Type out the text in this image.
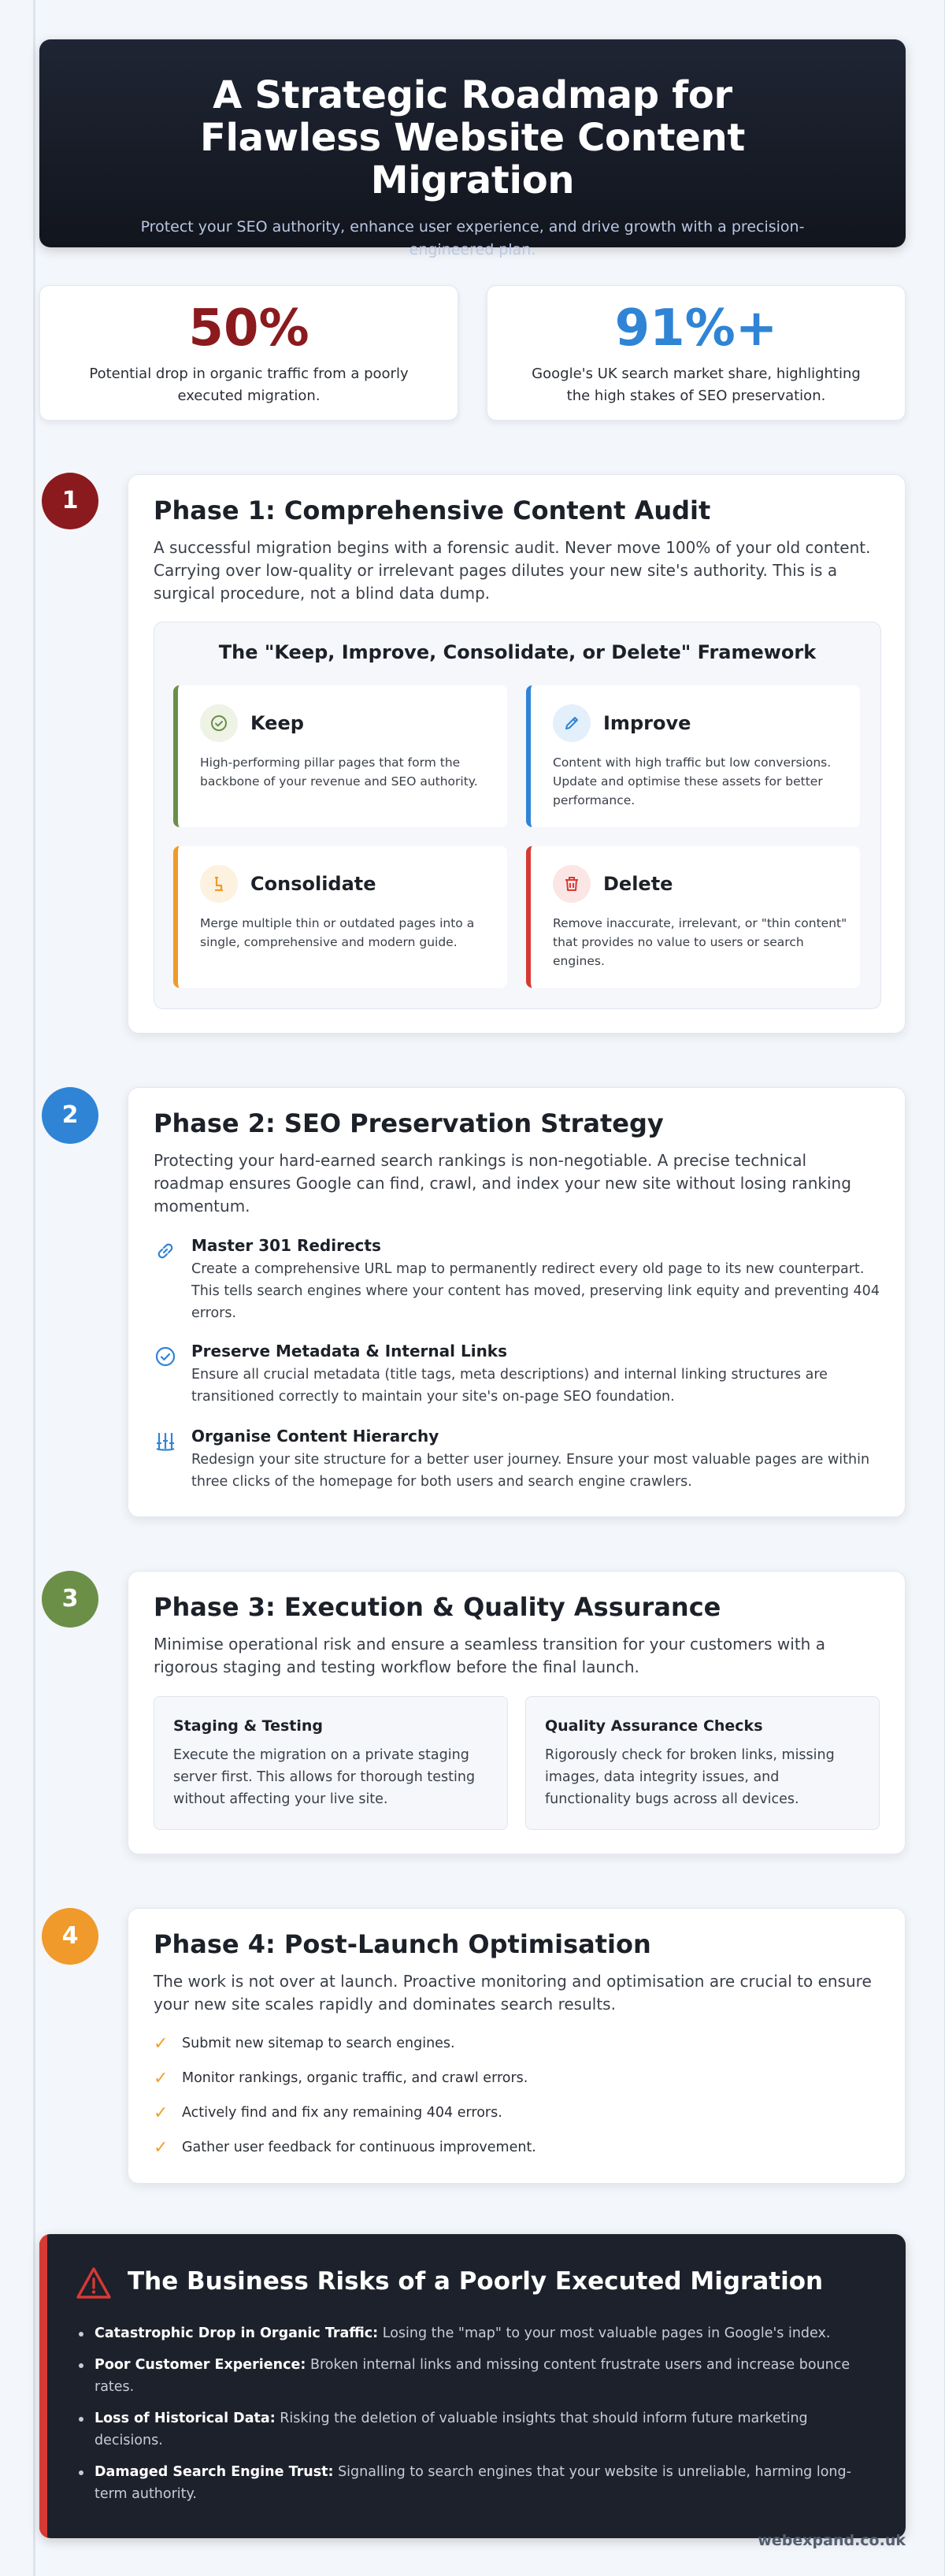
A Strategic Roadmap for Flawless Website Content Migration

Protect your SEO authority, enhance user experience, and drive growth with a precision-engineered plan.

50%
Potential drop in organic traffic from a poorly executed migration.
91%+
Google's UK search market share, highlighting the high stakes of SEO preservation.
1	Phase 1: Comprehensive Content Audit

A successful migration begins with a forensic audit. Never move 100% of your old content. Carrying over low-quality or irrelevant pages dilutes your new site's authority. This is a surgical procedure, not a blind data dump.

The "Keep, Improve, Consolidate, or Delete" Framework
Keep
High-performing pillar pages that form the backbone of your revenue and SEO authority.
Improve
Content with high traffic but low conversions. Update and optimise these assets for better performance.
Consolidate
Merge multiple thin or outdated pages into a single, comprehensive and modern guide.
Delete
Remove inaccurate, irrelevant, or "thin content" that provides no value to users or search engines.
2	Phase 2: SEO Preservation Strategy

Protecting your hard-earned search rankings is non-negotiable. A precise technical roadmap ensures Google can find, crawl, and index your new site without losing ranking momentum.

Master 301 Redirects
Create a comprehensive URL map to permanently redirect every old page to its new counterpart. This tells search engines where your content has moved, preserving link equity and preventing 404 errors.
Preserve Metadata & Internal Links
Ensure all crucial metadata (title tags, meta descriptions) and internal linking structures are transitioned correctly to maintain your site's on-page SEO foundation.
Organise Content Hierarchy
Redesign your site structure for a better user journey. Ensure your most valuable pages are within three clicks of the homepage for both users and search engine crawlers.
3	Phase 3: Execution & Quality Assurance

Minimise operational risk and ensure a seamless transition for your customers with a rigorous staging and testing workflow before the final launch.

Staging & Testing
Execute the migration on a private staging server first. This allows for thorough testing without affecting your live site.
Quality Assurance Checks
Rigorously check for broken links, missing images, data integrity issues, and functionality bugs across all devices.
4	Phase 4: Post-Launch Optimisation

The work is not over at launch. Proactive monitoring and optimisation are crucial to ensure your new site scales rapidly and dominates search results.

✓ Submit new sitemap to search engines.
✓ Monitor rankings, organic traffic, and crawl errors.
✓ Actively find and fix any remaining 404 errors.
✓ Gather user feedback for continuous improvement.
The Business Risks of a Poorly Executed Migration
Catastrophic Drop in Organic Traffic: Losing the "map" to your most valuable pages in Google's index.
Poor Customer Experience: Broken internal links and missing content frustrate users and increase bounce rates.
Loss of Historical Data: Risking the deletion of valuable insights that should inform future marketing decisions.
Damaged Search Engine Trust: Signalling to search engines that your website is unreliable, harming long-term authority.
webexpand.co.uk
